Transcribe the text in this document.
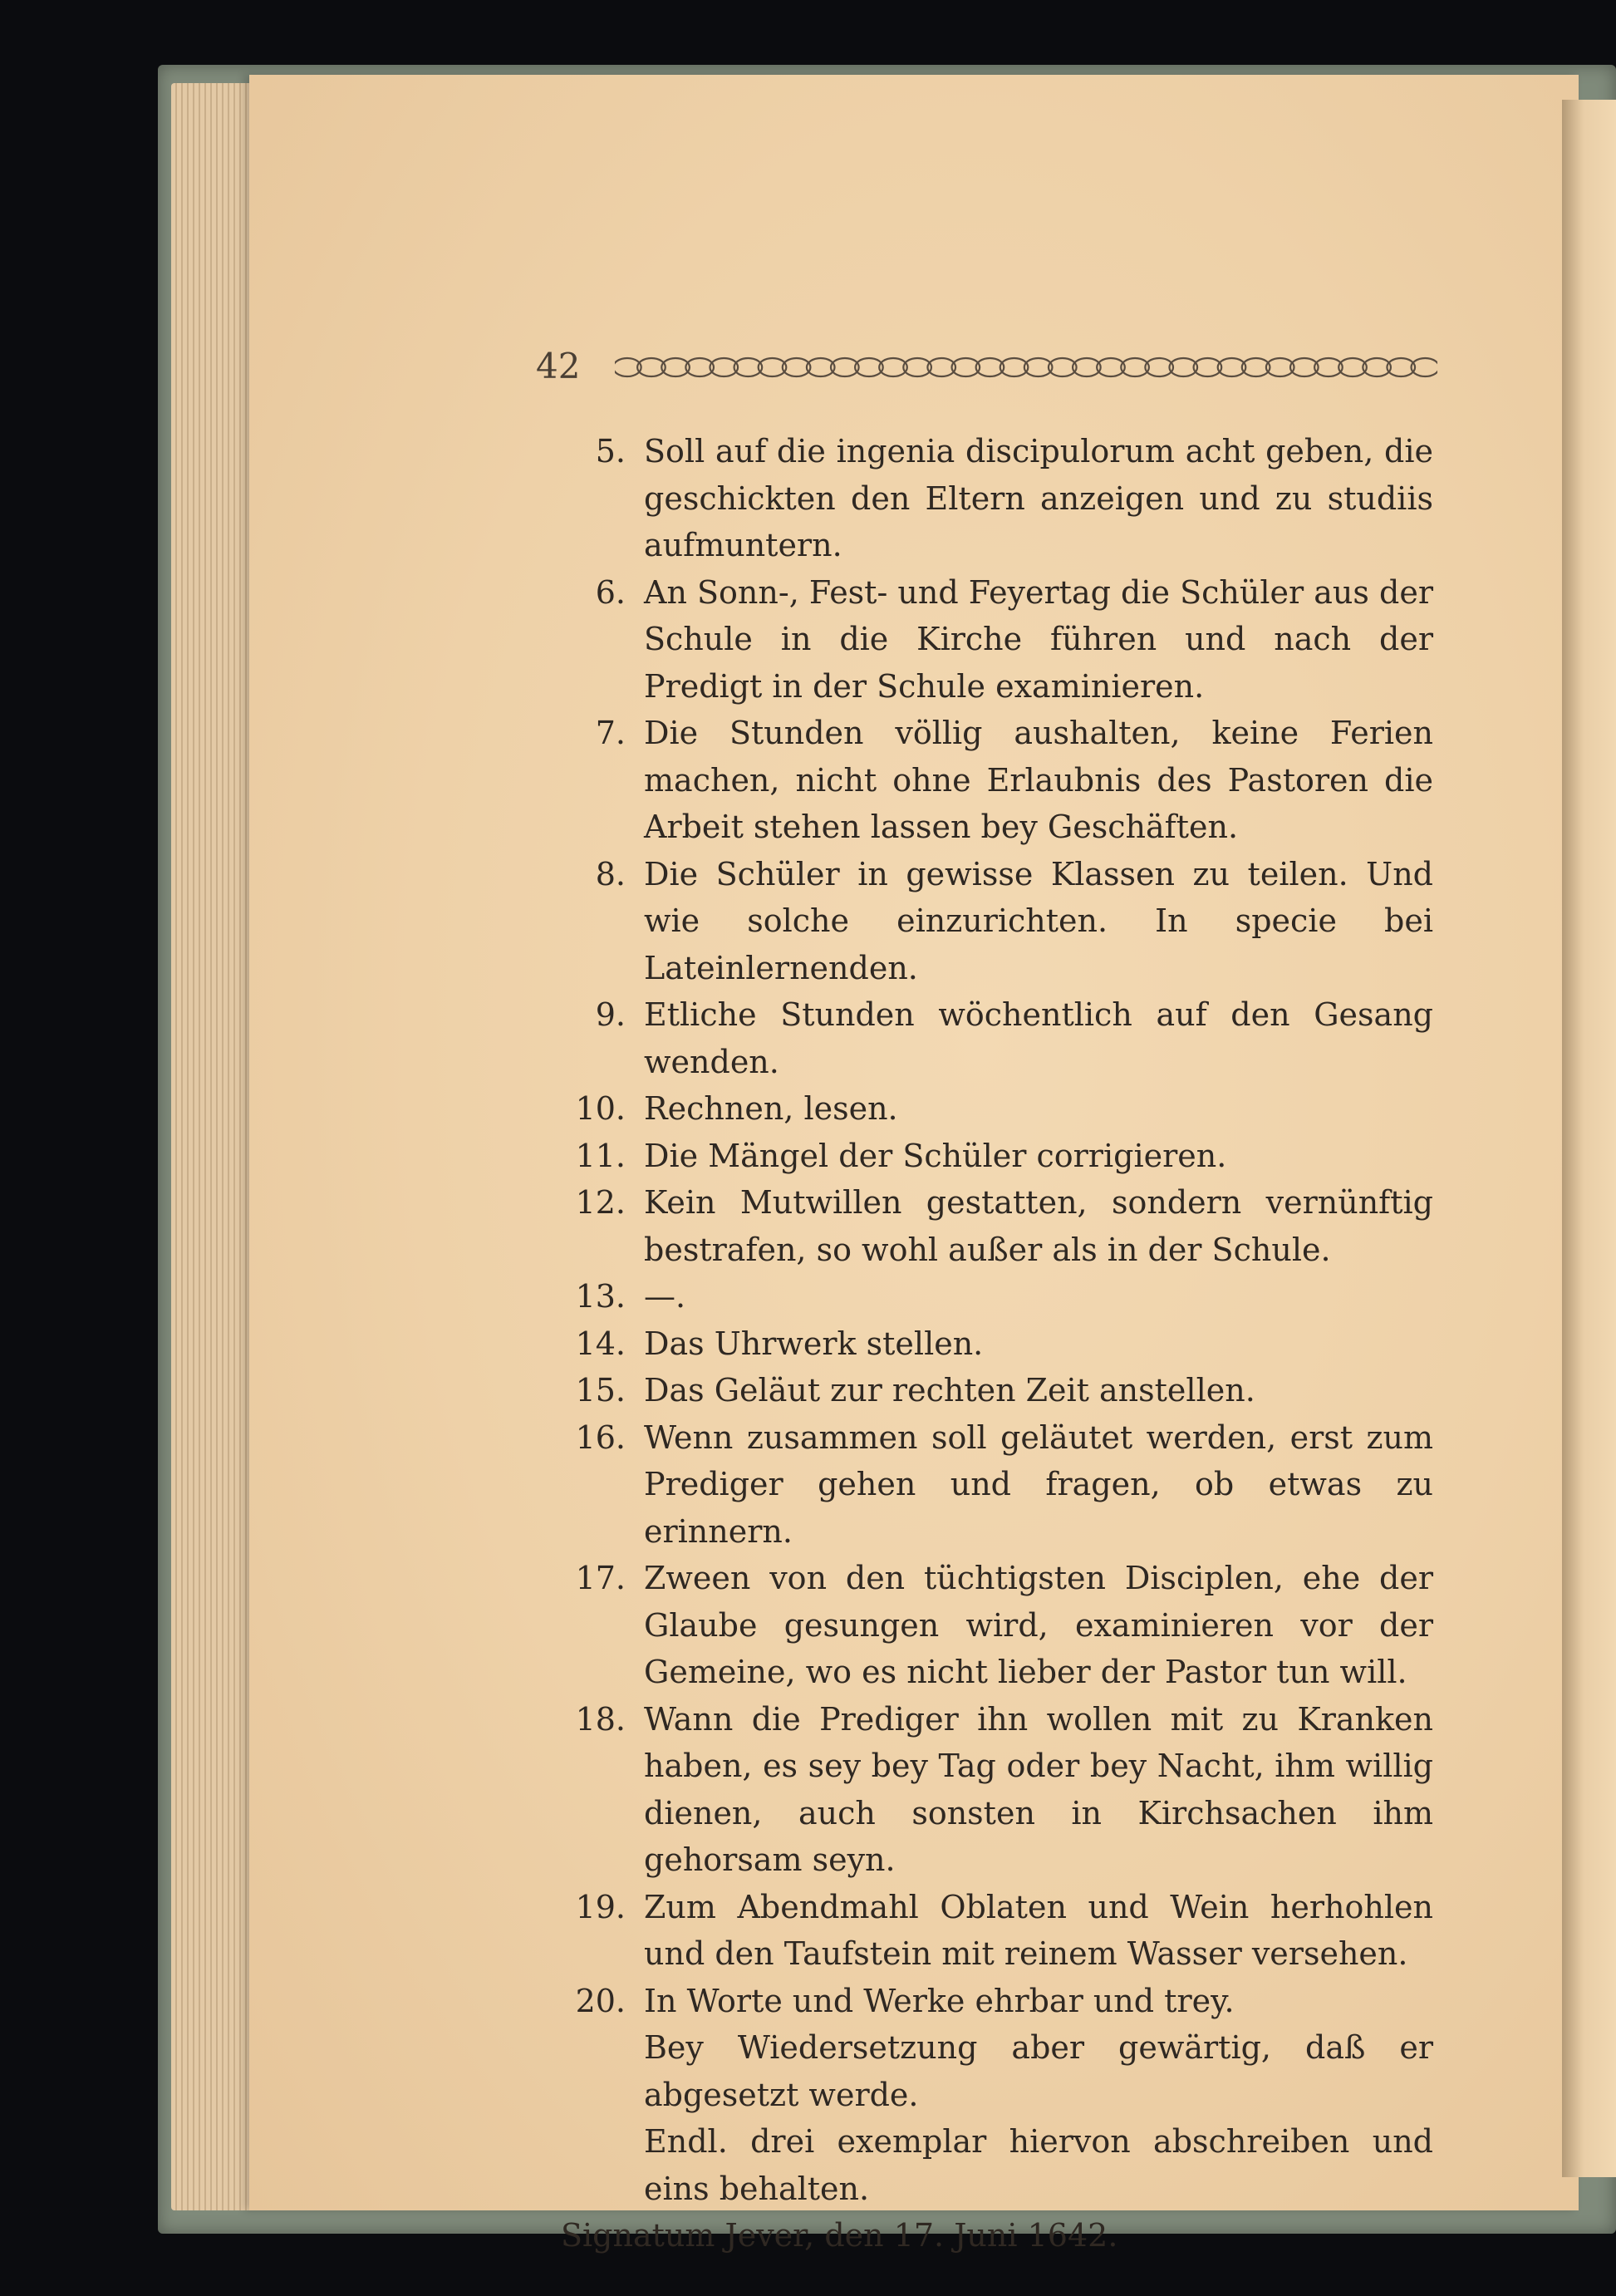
42
5. Soll auf die ingenia discipulorum acht geben, die geschickten den Eltern anzeigen und zu studiis aufmuntern.
6. An Sonn-, Fest- und Feyertag die Schüler aus der Schule in die Kirche führen und nach der Predigt in der Schule examinieren.
7. Die Stunden völlig aushalten, keine Ferien machen, nicht ohne Erlaubnis des Pastoren die Arbeit stehen lassen bey Geschäften.
8. Die Schüler in gewisse Klassen zu teilen. Und wie solche einzurichten. In specie bei Lateinlernenden.
9. Etliche Stunden wöchentlich auf den Gesang wenden.
10. Rechnen, lesen.
11. Die Mängel der Schüler corrigieren.
12. Kein Mutwillen gestatten, sondern vernünftig bestrafen, so wohl außer als in der Schule.
13. —.
14. Das Uhrwerk stellen.
15. Das Geläut zur rechten Zeit anstellen.
16. Wenn zusammen soll geläutet werden, erst zum Prediger gehen und fragen, ob etwas zu erinnern.
17. Zween von den tüchtigsten Disciplen, ehe der Glaube gesungen wird, examinieren vor der Gemeine, wo es nicht lieber der Pastor tun will.
18. Wann die Prediger ihn wollen mit zu Kranken haben, es sey bey Tag oder bey Nacht, ihm willig dienen, auch sonsten in Kirchsachen ihm gehorsam seyn.
19. Zum Abendmahl Oblaten und Wein herhohlen und den Taufstein mit reinem Wasser versehen.
20. In Worte und Werke ehrbar und trey.
Bey Wiedersetzung aber gewärtig, daß er abgesetzt werde.
Endl. drei exemplar hiervon abschreiben und eins behalten.
Signatum Jever, den 17. Juni 1642.
